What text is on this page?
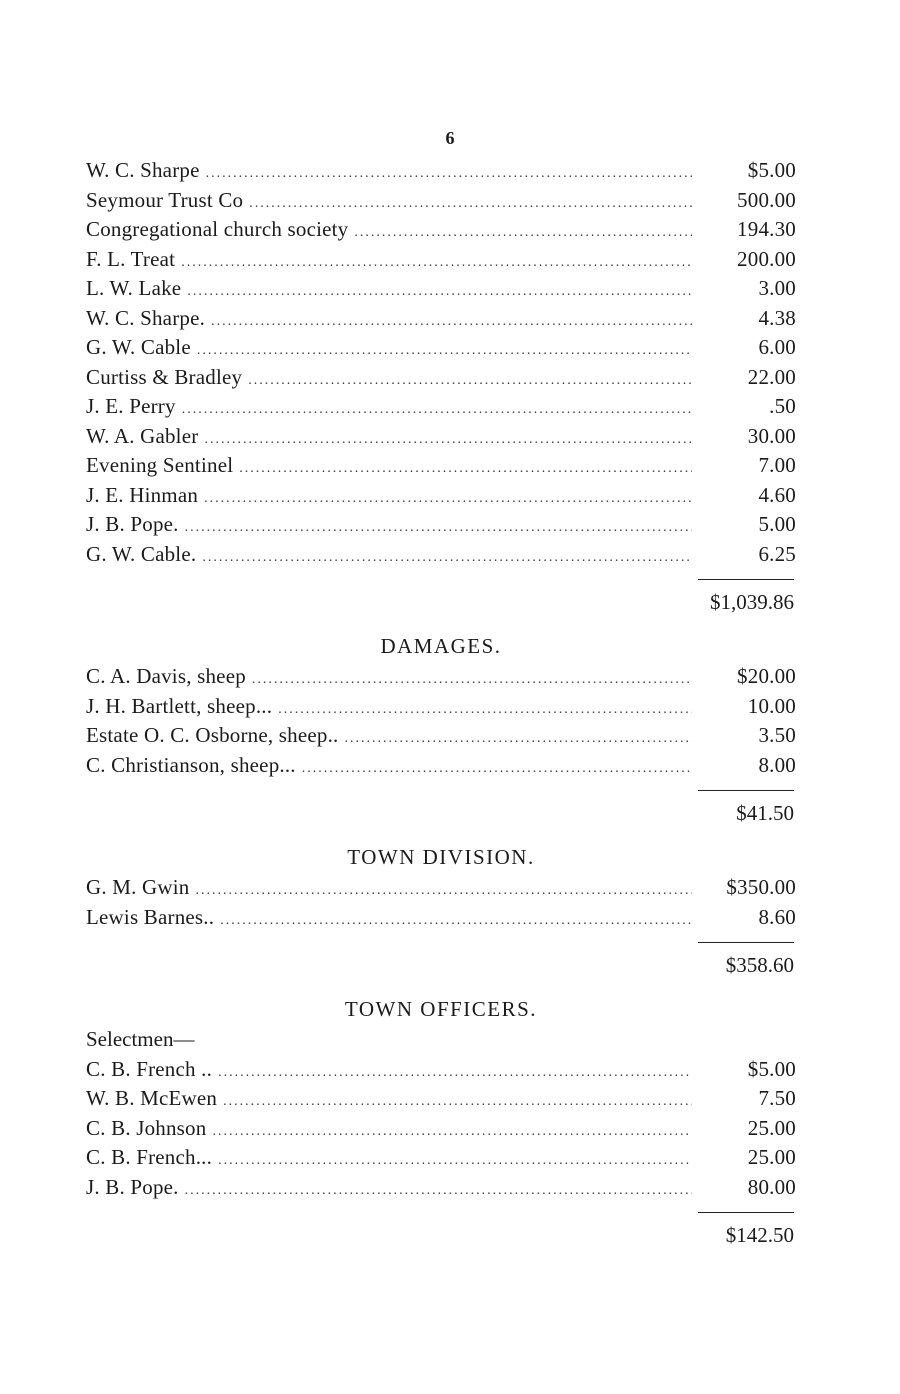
6
W. C. Sharpe .....	$5.00
Seymour Trust Co .....	500.00
Congregational church society .....	194.30
F. L. Treat .....	200.00
L. W. Lake .....	3.00
W. C. Sharpe. .....	4.38
G. W. Cable .....	6.00
Curtiss & Bradley .....	22.00
J. E. Perry .....	.50
W. A. Gabler .....	30.00
Evening Sentinel .....	7.00
J. E. Hinman .....	4.60
J. B. Pope. .....	5.00
G. W. Cable. .....	6.25
$1,039.86
DAMAGES.
C. A. Davis, sheep .....	$20.00
J. H. Bartlett, sheep... .....	10.00
Estate O. C. Osborne, sheep.. .....	3.50
C. Christianson, sheep... .....	8.00
$41.50
TOWN DIVISION.
G. M. Gwin .....	$350.00
Lewis Barnes.. .....	8.60
$358.60
TOWN OFFICERS.
Selectmen—
C. B. French .. .....	$5.00
W. B. McEwen .....	7.50
C. B. Johnson .....	25.00
C. B. French... .....	25.00
J. B. Pope. .....	80.00
$142.50
